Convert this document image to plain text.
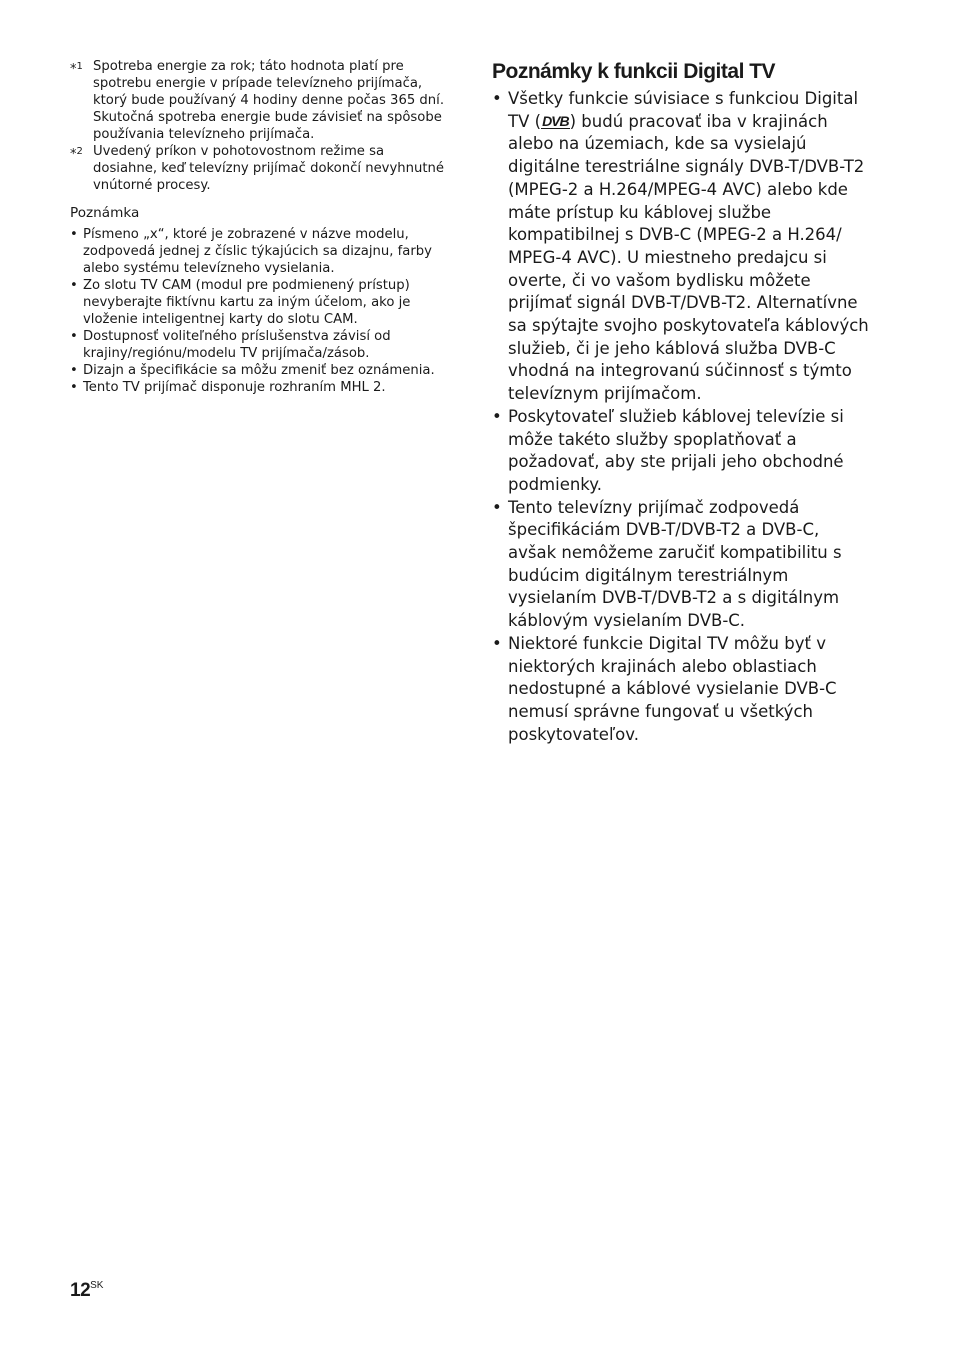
*$^1$ Spotreba energie za rok; táto hodnota platí pre spotrebu energie v prípade televízneho prijímača, ktorý bude používaný 4 hodiny denne počas 365 dní. Skutočná spotreba energie bude závisieť na spôsobe používania televízneho prijímača.
*$^2$ Uvedený príkon v pohotovostnom režime sa dosiahne, keď televízny prijímač dokončí nevyhnutné vnútorné procesy.
Poznámka
• Písmeno „x“, ktoré je zobrazené v názve modelu, zodpovedá jednej z číslic týkajúcich sa dizajnu, farby alebo systému televízneho vysielania.
• Zo slotu TV CAM (modul pre podmienený prístup) nevyberajte fiktívnu kartu za iným účelom, ako je vloženie inteligentnej karty do slotu CAM.
• Dostupnosť voliteľného príslušenstva závisí od krajiny/regiónu/modelu TV prijímača/zásob.
• Dizajn a špecifikácie sa môžu zmeniť bez oznámenia.
• Tento TV prijímač disponuje rozhraním MHL 2.
Poznámky k funkcii Digital TV
• Všetky funkcie súvisiace s funkciou Digital TV (DVB) budú pracovať iba v krajinách alebo na územiach, kde sa vysielajú digitálne terestriálne signály DVB-T/DVB-T2 (MPEG-2 a H.264/MPEG-4 AVC) alebo kde máte prístup ku káblovej službe kompatibilnej s DVB-C (MPEG-2 a H.264/ MPEG-4 AVC). U miestneho predajcu si overte, či vo vašom bydlisku môžete prijímať signál DVB-T/DVB-T2. Alternatívne sa spýtajte svojho poskytovateľa káblových služieb, či je jeho káblová služba DVB-C vhodná na integrovanú súčinnosť s týmto televíznym prijímačom.
• Poskytovateľ služieb káblovej televízie si môže takéto služby spoplatňovať a požadovať, aby ste prijali jeho obchodné podmienky.
• Tento televízny prijímač zodpovedá špecifikáciám DVB-T/DVB-T2 a DVB-C, avšak nemôžeme zaručiť kompatibilitu s budúcim digitálnym terestriálnym vysielaním DVB-T/DVB-T2 a s digitálnym káblovým vysielaním DVB-C.
• Niektoré funkcie Digital TV môžu byť v niektorých krajinách alebo oblastiach nedostupné a káblové vysielanie DVB-C nemusí správne fungovať u všetkých poskytovateľov.
$12^{SK}$
